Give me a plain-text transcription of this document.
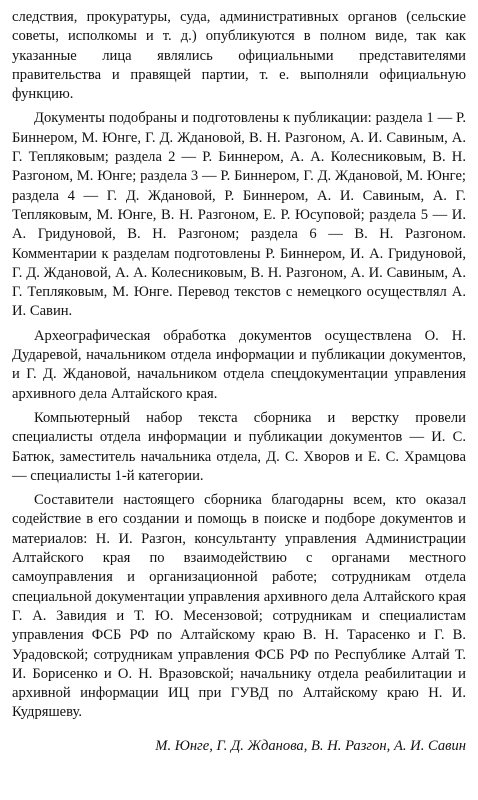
следствия, прокуратуры, суда, административных органов (сельские советы, исполкомы и т. д.) опубликуются в полном виде, так как указанные лица являлись официальными представителями правительства и правящей партии, т. е. выполняли официальную функцию.

Документы подобраны и подготовлены к публикации: раздела 1 — Р. Биннером, М. Юнге, Г. Д. Ждановой, В. Н. Разгоном, А. И. Савиным, А. Г. Тепляковым; раздела 2 — Р. Биннером, А. А. Колесниковым, В. Н. Разгоном, М. Юнге; раздела 3 — Р. Биннером, Г. Д. Ждановой, М. Юнге; раздела 4 — Г. Д. Ждановой, Р. Биннером, А. И. Савиным, А. Г. Тепляковым, М. Юнге, В. Н. Разгоном, Е. Р. Юсуповой; раздела 5 — И. А. Гридуновой, В. Н. Разгоном; раздела 6 — В. Н. Разгоном. Комментарии к разделам подготовлены Р. Биннером, И. А. Гридуновой, Г. Д. Ждановой, А. А. Колесниковым, В. Н. Разгоном, А. И. Савиным, А. Г. Тепляковым, М. Юнге. Перевод текстов с немецкого осуществлял А. И. Савин.

Археографическая обработка документов осуществлена О. Н. Дударевой, начальником отдела информации и публикации документов, и Г. Д. Ждановой, начальником отдела спецдокументации управления архивного дела Алтайского края.

Компьютерный набор текста сборника и верстку провели специалисты отдела информации и публикации документов — И. С. Батюк, заместитель начальника отдела, Д. С. Хворов и Е. С. Храмцова — специалисты 1-й категории.

Составители настоящего сборника благодарны всем, кто оказал содействие в его создании и помощь в поиске и подборе документов и материалов: Н. И. Разгон, консультанту управления Администрации Алтайского края по взаимодействию с органами местного самоуправления и организационной работе; сотрудникам отдела специальной документации управления архивного дела Алтайского края Г. А. Завидия и Т. Ю. Месензовой; сотрудникам и специалистам управления ФСБ РФ по Алтайскому краю В. Н. Тарасенко и Г. В. Урадовской; сотрудникам управления ФСБ РФ по Республике Алтай Т. И. Борисенко и О. Н. Вразовской; начальнику отдела реабилитации и архивной информации ИЦ при ГУВД по Алтайскому краю Н. И. Кудряшеву.

М. Юнге, Г. Д. Жданова, В. Н. Разгон, А. И. Савин
